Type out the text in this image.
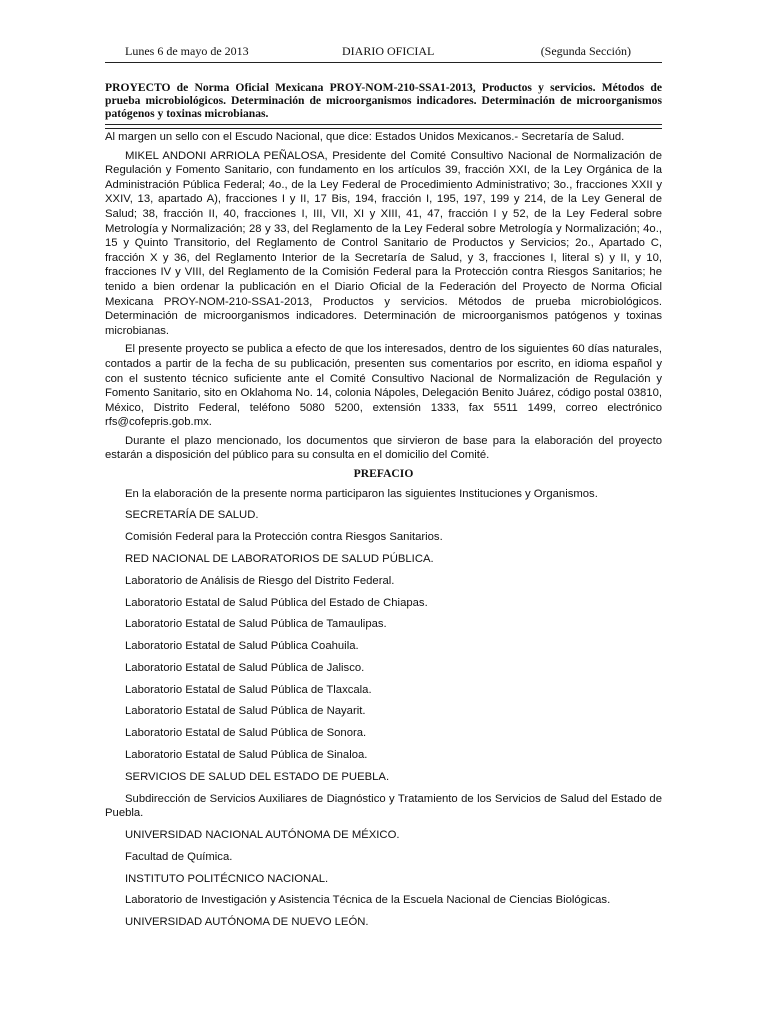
Lunes 6 de mayo de 2013	DIARIO OFICIAL	(Segunda Sección)
PROYECTO de Norma Oficial Mexicana PROY-NOM-210-SSA1-2013, Productos y servicios. Métodos de prueba microbiológicos. Determinación de microorganismos indicadores. Determinación de microorganismos patógenos y toxinas microbianas.

Al margen un sello con el Escudo Nacional, que dice: Estados Unidos Mexicanos.- Secretaría de Salud.

MIKEL ANDONI ARRIOLA PEÑALOSA, Presidente del Comité Consultivo Nacional de Normalización de Regulación y Fomento Sanitario, con fundamento en los artículos 39, fracción XXI, de la Ley Orgánica de la Administración Pública Federal; 4o., de la Ley Federal de Procedimiento Administrativo; 3o., fracciones XXII y XXIV, 13, apartado A), fracciones I y II, 17 Bis, 194, fracción I, 195, 197, 199 y 214, de la Ley General de Salud; 38, fracción II, 40, fracciones I, III, VII, XI y XIII, 41, 47, fracción I y 52, de la Ley Federal sobre Metrología y Normalización; 28 y 33, del Reglamento de la Ley Federal sobre Metrología y Normalización; 4o., 15 y Quinto Transitorio, del Reglamento de Control Sanitario de Productos y Servicios; 2o., Apartado C, fracción X y 36, del Reglamento Interior de la Secretaría de Salud, y 3, fracciones I, literal s) y II, y 10, fracciones IV y VIII, del Reglamento de la Comisión Federal para la Protección contra Riesgos Sanitarios; he tenido a bien ordenar la publicación en el Diario Oficial de la Federación del Proyecto de Norma Oficial Mexicana PROY-NOM-210-SSA1-2013, Productos y servicios. Métodos de prueba microbiológicos. Determinación de microorganismos indicadores. Determinación de microorganismos patógenos y toxinas microbianas.

El presente proyecto se publica a efecto de que los interesados, dentro de los siguientes 60 días naturales, contados a partir de la fecha de su publicación, presenten sus comentarios por escrito, en idioma español y con el sustento técnico suficiente ante el Comité Consultivo Nacional de Normalización de Regulación y Fomento Sanitario, sito en Oklahoma No. 14, colonia Nápoles, Delegación Benito Juárez, código postal 03810, México, Distrito Federal, teléfono 5080 5200, extensión 1333, fax 5511 1499, correo electrónico rfs@cofepris.gob.mx.

Durante el plazo mencionado, los documentos que sirvieron de base para la elaboración del proyecto estarán a disposición del público para su consulta en el domicilio del Comité.

PREFACIO

En la elaboración de la presente norma participaron las siguientes Instituciones y Organismos.

SECRETARÍA DE SALUD.

Comisión Federal para la Protección contra Riesgos Sanitarios.

RED NACIONAL DE LABORATORIOS DE SALUD PÚBLICA.

Laboratorio de Análisis de Riesgo del Distrito Federal.

Laboratorio Estatal de Salud Pública del Estado de Chiapas.

Laboratorio Estatal de Salud Pública de Tamaulipas.

Laboratorio Estatal de Salud Pública Coahuila.

Laboratorio Estatal de Salud Pública de Jalisco.

Laboratorio Estatal de Salud Pública de Tlaxcala.

Laboratorio Estatal de Salud Pública de Nayarit.

Laboratorio Estatal de Salud Pública de Sonora.

Laboratorio Estatal de Salud Pública de Sinaloa.

SERVICIOS DE SALUD DEL ESTADO DE PUEBLA.

Subdirección de Servicios Auxiliares de Diagnóstico y Tratamiento de los Servicios de Salud del Estado de Puebla.

UNIVERSIDAD NACIONAL AUTÓNOMA DE MÉXICO.

Facultad de Química.

INSTITUTO POLITÉCNICO NACIONAL.

Laboratorio de Investigación y Asistencia Técnica de la Escuela Nacional de Ciencias Biológicas.

UNIVERSIDAD AUTÓNOMA DE NUEVO LEÓN.
